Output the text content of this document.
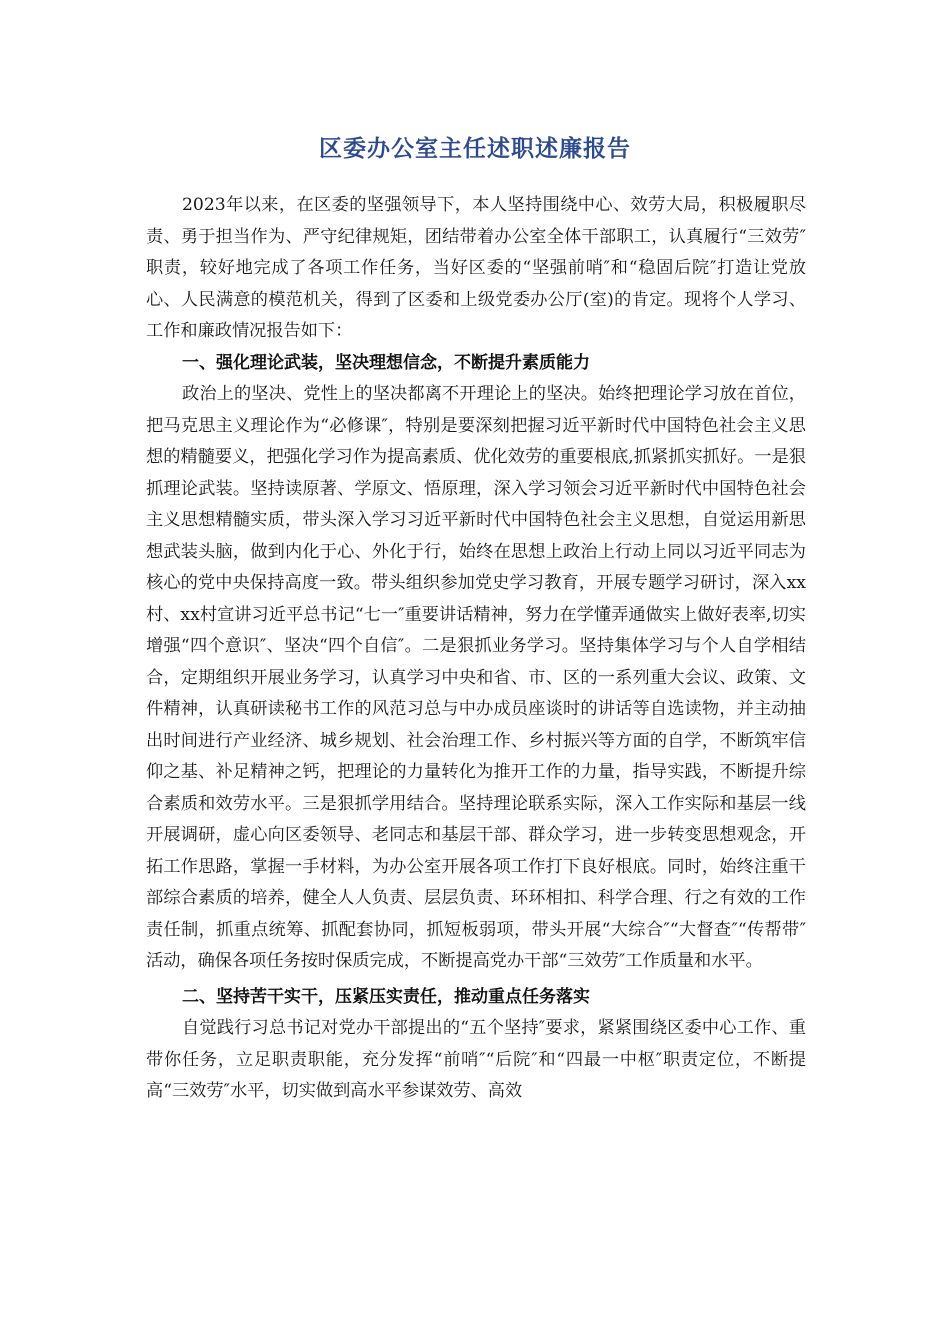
区委办公室主任述职述廉报告

2023年以来，在区委的坚强领导下，本人坚持围绕中心、效劳大局，积极履职尽责、勇于担当作为、严守纪律规矩，团结带着办公室全体干部职工，认真履行“三效劳″职责，较好地完成了各项工作任务，当好区委的“坚强前哨″和“稳固后院″打造让党放心、人民满意的模范机关，得到了区委和上级党委办公厅(室)的肯定。现将个人学习、工作和廉政情况报告如下：

一、强化理论武装，坚决理想信念，不断提升素质能力

政治上的坚决、党性上的坚决都离不开理论上的坚决。始终把理论学习放在首位，把马克思主义理论作为“必修课″，特别是要深刻把握习近平新时代中国特色社会主义思想的精髓要义，把强化学习作为提高素质、优化效劳的重要根底,抓紧抓实抓好。一是狠抓理论武装。坚持读原著、学原文、悟原理，深入学习领会习近平新时代中国特色社会主义思想精髓实质，带头深入学习习近平新时代中国特色社会主义思想，自觉运用新思想武装头脑，做到内化于心、外化于行，始终在思想上政治上行动上同以习近平同志为核心的党中央保持高度一致。带头组织参加党史学习教育，开展专题学习研讨，深入xx村、xx村宣讲习近平总书记“七一″重要讲话精神，努力在学懂弄通做实上做好表率,切实增强“四个意识″、坚决“四个自信″。二是狠抓业务学习。坚持集体学习与个人自学相结合，定期组织开展业务学习，认真学习中央和省、市、区的一系列重大会议、政策、文件精神，认真研读秘书工作的风范习总与中办成员座谈时的讲话等自选读物，并主动抽出时间进行产业经济、城乡规划、社会治理工作、乡村振兴等方面的自学，不断筑牢信仰之基、补足精神之钙，把理论的力量转化为推开工作的力量，指导实践，不断提升综合素质和效劳水平。三是狠抓学用结合。坚持理论联系实际，深入工作实际和基层一线开展调研，虚心向区委领导、老同志和基层干部、群众学习，进一步转变思想观念，开拓工作思路，掌握一手材料，为办公室开展各项工作打下良好根底。同时，始终注重干部综合素质的培养，健全人人负责、层层负责、环环相扣、科学合理、行之有效的工作责任制，抓重点统筹、抓配套协同，抓短板弱项，带头开展“大综合″“大督查″“传帮带″活动，确保各项任务按时保质完成，不断提高党办干部“三效劳″工作质量和水平。

二、坚持苦干实干，压紧压实责任，推动重点任务落实

自觉践行习总书记对党办干部提出的“五个坚持″要求，紧紧围绕区委中心工作、重带你任务，立足职责职能，充分发挥“前哨″“后院″和“四最一中枢″职责定位，不断提高“三效劳″水平，切实做到高水平参谋效劳、高效
